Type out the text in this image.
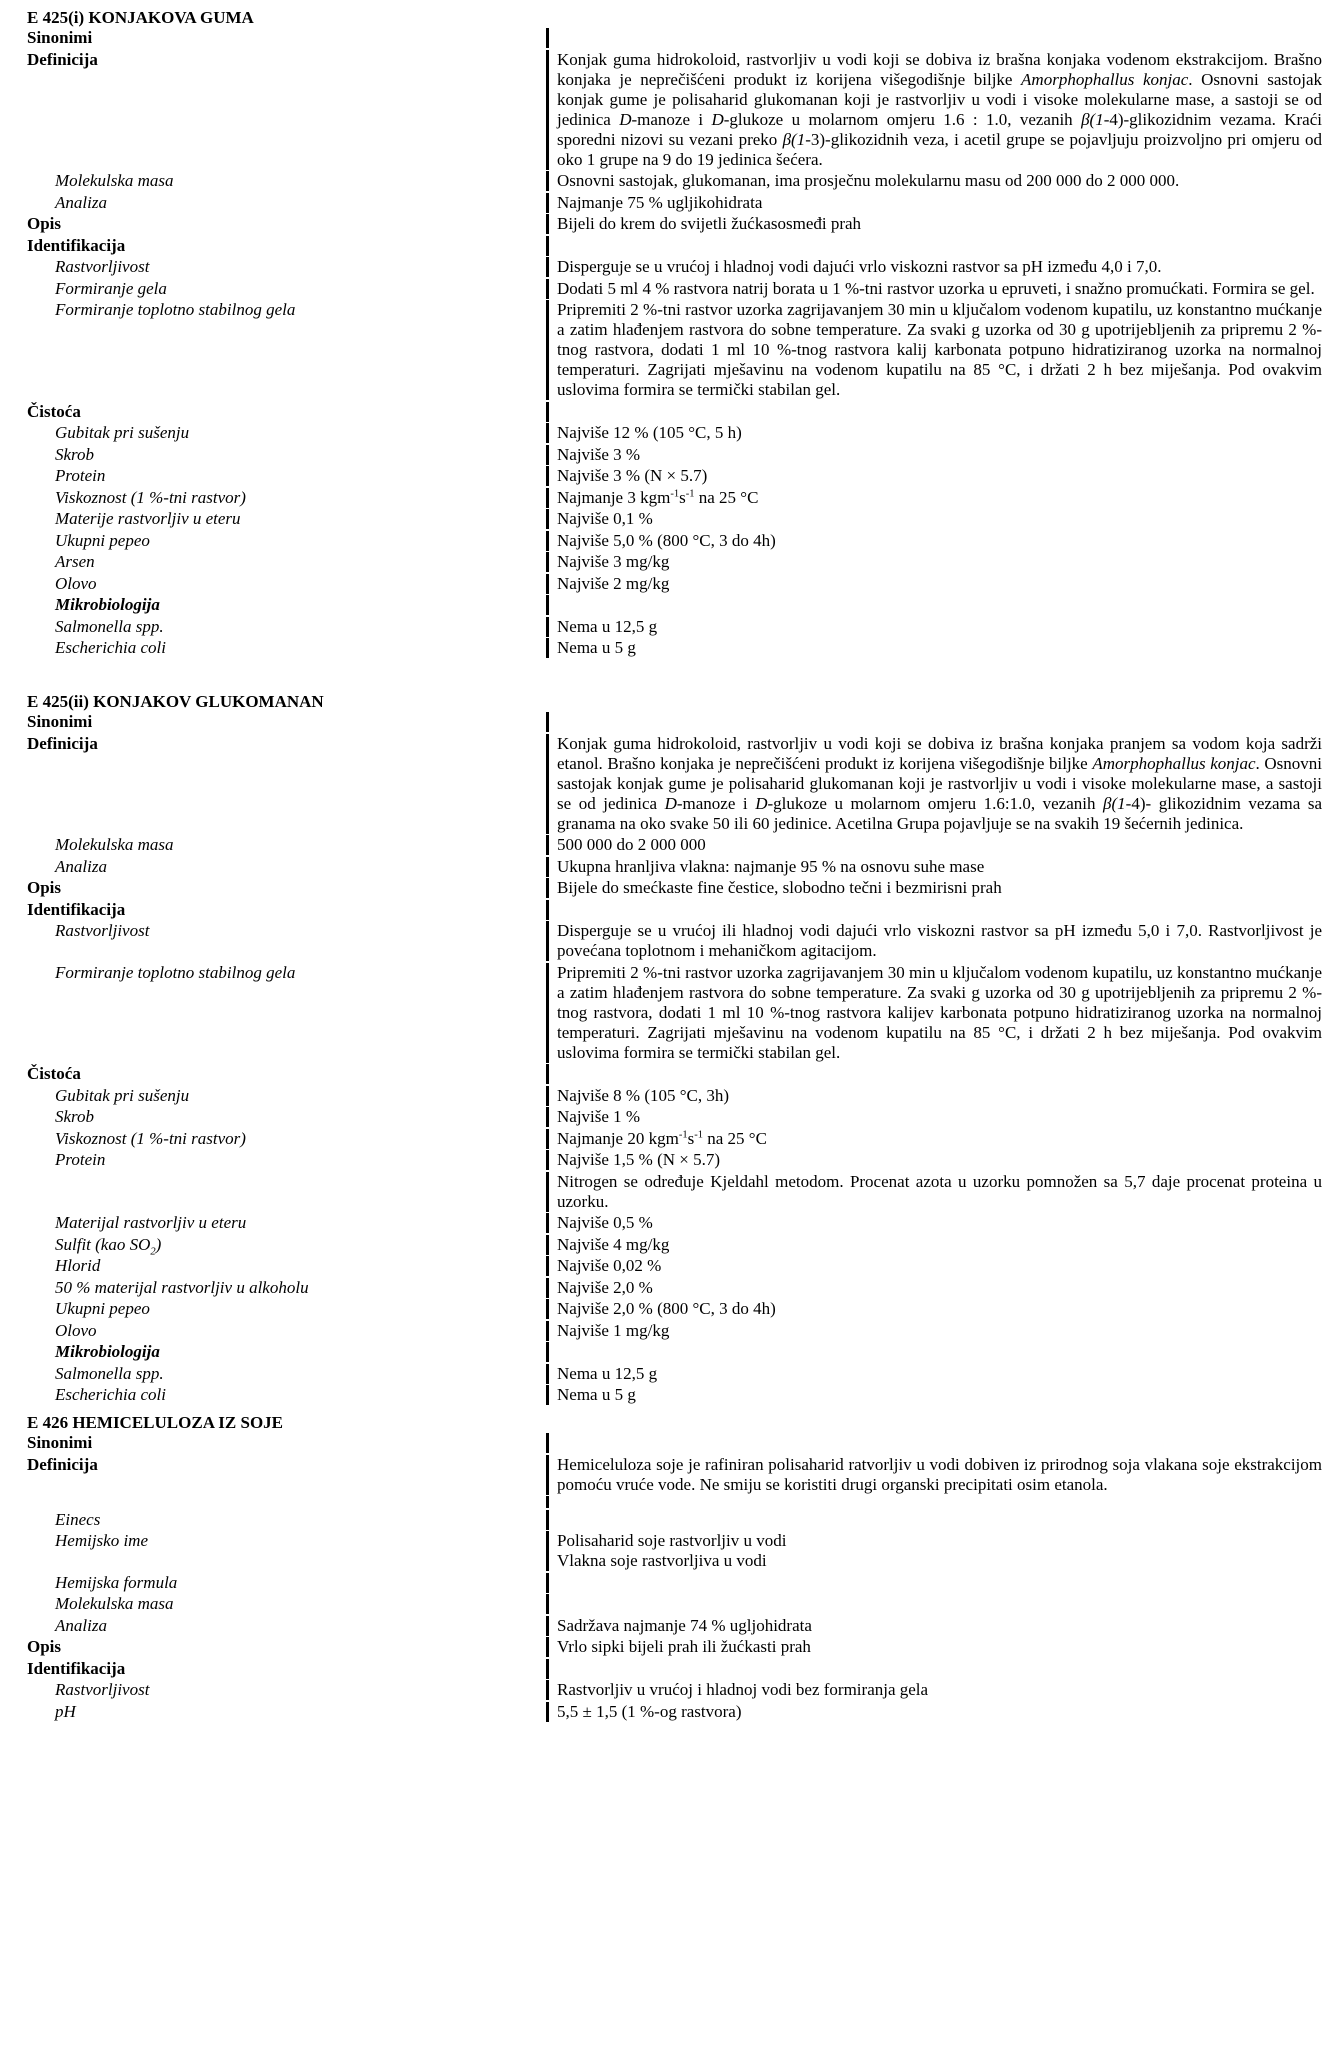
E 425(i) KONJAKOVA GUMA
Sinonimi
Definicija	Konjak guma hidrokoloid, rastvorljiv u vodi koji se dobiva iz brašna konjaka vodenom ekstrakcijom. Brašno konjaka je neprečišćeni produkt iz korijena višegodišnje biljke Amorphophallus konjac. Osnovni sastojak konjak gume je polisaharid glukomanan koji je rastvorljiv u vodi i visoke molekularne mase, a sastoji se od jedinica D-manoze i D-glukoze u molarnom omjeru 1.6 : 1.0, vezanih β(1-4)-glikozidnim vezama. Kraći sporedni nizovi su vezani preko β(1-3)-glikozidnih veza, i acetil grupe se pojavljuju proizvoljno pri omjeru od oko 1 grupe na 9 do 19 jedinica šećera.
Molekulska masa	Osnovni sastojak, glukomanan, ima prosječnu molekularnu masu od 200 000 do 2 000 000.
Analiza	Najmanje 75 % ugljikohidrata
Opis	Bijeli do krem do svijetli žućkasosmeđi prah
Identifikacija
Rastvorljivost	Disperguje se u vrućoj i hladnoj vodi dajući vrlo viskozni rastvor sa pH između 4,0 i 7,0.
Formiranje gela	Dodati 5 ml 4 % rastvora natrij borata u 1 %-tni rastvor uzorka u epruveti, i snažno promućkati. Formira se gel.
Formiranje toplotno stabilnog gela	Pripremiti 2 %-tni rastvor uzorka zagrijavanjem 30 min u ključalom vodenom kupatilu, uz konstantno mućkanje a zatim hlađenjem rastvora do sobne temperature. Za svaki g uzorka od 30 g upotrijebljenih za pripremu 2 %-tnog rastvora, dodati 1 ml 10 %-tnog rastvora kalij karbonata potpuno hidratiziranog uzorka na normalnoj temperaturi. Zagrijati mješavinu na vodenom kupatilu na 85 °C, i držati 2 h bez miješanja. Pod ovakvim uslovima formira se termički stabilan gel.
Čistoća
Gubitak pri sušenju	Najviše 12 % (105 °C, 5 h)
Skrob	Najviše 3 %
Protein	Najviše 3 % (N × 5.7)
Viskoznost (1 %-tni rastvor)	Najmanje 3 $kgm^{-1}s^{-1}$ na 25 °C
Materije rastvorljiv u eteru	Najviše 0,1 %
Ukupni pepeo	Najviše 5,0 % (800 °C, 3 do 4h)
Arsen	Najviše 3 mg/kg
Olovo	Najviše 2 mg/kg
Mikrobiologija
Salmonella spp.	Nema u 12,5 g
Escherichia coli	Nema u 5 g
E 425(ii) KONJAKOV GLUKOMANAN
Sinonimi
Definicija	Konjak guma hidrokoloid, rastvorljiv u vodi koji se dobiva iz brašna konjaka pranjem sa vodom koja sadrži etanol. Brašno konjaka je neprečišćeni produkt iz korijena višegodišnje biljke Amorphophallus konjac. Osnovni sastojak konjak gume je polisaharid glukomanan koji je rastvorljiv u vodi i visoke molekularne mase, a sastoji se od jedinica D-manoze i D-glukoze u molarnom omjeru 1.6:1.0, vezanih β(1-4)- glikozidnim vezama sa granama na oko svake 50 ili 60 jedinice. Acetilna Grupa pojavljuje se na svakih 19 šećernih jedinica.
Molekulska masa	500 000 do 2 000 000
Analiza	Ukupna hranljiva vlakna: najmanje 95 % na osnovu suhe mase
Opis	Bijele do smećkaste fine čestice, slobodno tečni i bezmirisni prah
Identifikacija
Rastvorljivost	Disperguje se u vrućoj ili hladnoj vodi dajući vrlo viskozni rastvor sa pH između 5,0 i 7,0. Rastvorljivost je povećana toplotnom i mehaničkom agitacijom.
Formiranje toplotno stabilnog gela	Pripremiti 2 %-tni rastvor uzorka zagrijavanjem 30 min u ključalom vodenom kupatilu, uz konstantno mućkanje a zatim hlađenjem rastvora do sobne temperature. Za svaki g uzorka od 30 g upotrijebljenih za pripremu 2 %-tnog rastvora, dodati 1 ml 10 %-tnog rastvora kalijev karbonata potpuno hidratiziranog uzorka na normalnoj temperaturi. Zagrijati mješavinu na vodenom kupatilu na 85 °C, i držati 2 h bez miješanja. Pod ovakvim uslovima formira se termički stabilan gel.
Čistoća
Gubitak pri sušenju	Najviše 8 % (105 °C, 3h)
Skrob	Najviše 1 %
Viskoznost (1 %-tni rastvor)	Najmanje 20 $kgm^{-1}s^{-1}$ na 25 °C
Protein	Najviše 1,5 % (N × 5.7)
Nitrogen se određuje Kjeldahl metodom. Procenat azota u uzorku pomnožen sa 5,7 daje procenat proteina u uzorku.
Materijal rastvorljiv u eteru	Najviše 0,5 %
Sulfit (kao $SO_2$)	Najviše 4 mg/kg
Hlorid	Najviše 0,02 %
50 % materijal rastvorljiv u alkoholu	Najviše 2,0 %
Ukupni pepeo	Najviše 2,0 % (800 °C, 3 do 4h)
Olovo	Najviše 1 mg/kg
Mikrobiologija
Salmonella spp.	Nema u 12,5 g
Escherichia coli	Nema u 5 g
E 426 HEMICELULOZA IZ SOJE
Sinonimi
Definicija	Hemiceluloza soje je rafiniran polisaharid ratvorljiv u vodi dobiven iz prirodnog soja vlakana soje ekstrakcijom pomoću vruće vode. Ne smiju se koristiti drugi organski precipitati osim etanola.
Einecs
Hemijsko ime	Polisaharid soje rastvorljiv u vodi
Vlakna soje rastvorljiva u vodi
Hemijska formula
Molekulska masa
Analiza	Sadržava najmanje 74 % ugljohidrata
Opis	Vrlo sipki bijeli prah ili žućkasti prah
Identifikacija
Rastvorljivost	Rastvorljiv u vrućoj i hladnoj vodi bez formiranja gela
pH	5,5 ± 1,5 (1 %-og rastvora)
